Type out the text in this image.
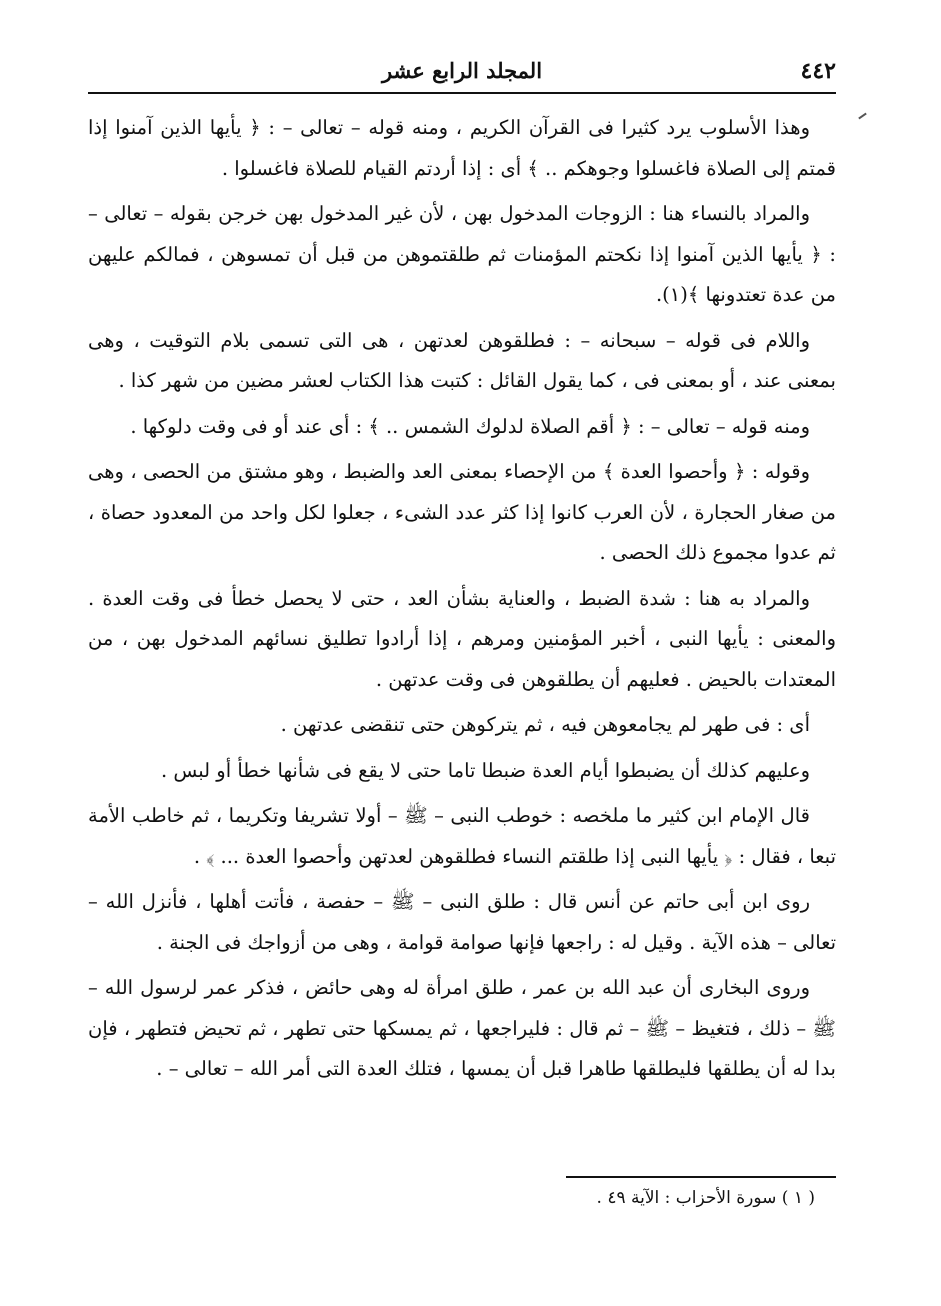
٤٤٢
المجلد الرابع عشر

وهذا الأسلوب يرد كثيرا فى القرآن الكريم ، ومنه قوله – تعالى – : ﴿ يأيها الذين آمنوا إذا قمتم إلى الصلاة فاغسلوا وجوهكم .. ﴾ أى : إذا أردتم القيام للصلاة فاغسلوا .

والمراد بالنساء هنا : الزوجات المدخول بهن ، لأن غير المدخول بهن خرجن بقوله – تعالى – : ﴿ يأيها الذين آمنوا إذا نكحتم المؤمنات ثم طلقتموهن من قبل أن تمسوهن ، فمالكم عليهن من عدة تعتدونها ﴾(١).

واللام فى قوله – سبحانه – : فطلقوهن لعدتهن ، هى التى تسمى بلام التوقيت ، وهى بمعنى عند ، أو بمعنى فى ، كما يقول القائل : كتبت هذا الكتاب لعشر مضين من شهر كذا .

ومنه قوله – تعالى – : ﴿ أقم الصلاة لدلوك الشمس .. ﴾ : أى عند أو فى وقت دلوكها .

وقوله : ﴿ وأحصوا العدة ﴾ من الإحصاء بمعنى العد والضبط ، وهو مشتق من الحصى ، وهى من صغار الحجارة ، لأن العرب كانوا إذا كثر عدد الشىء ، جعلوا لكل واحد من المعدود حصاة ، ثم عدوا مجموع ذلك الحصى .

والمراد به هنا : شدة الضبط ، والعناية بشأن العد ، حتى لا يحصل خطأ فى وقت العدة . والمعنى : يأيها النبى ، أخبر المؤمنين ومرهم ، إذا أرادوا تطليق نسائهم المدخول بهن ، من المعتدات بالحيض . فعليهم أن يطلقوهن فى وقت عدتهن .

أى : فى طهر لم يجامعوهن فيه ، ثم يتركوهن حتى تنقضى عدتهن .

وعليهم كذلك أن يضبطوا أيام العدة ضبطا تاما حتى لا يقع فى شأنها خطأ أو لبس .

قال الإمام ابن كثير ما ملخصه : خوطب النبى – ﷺ – أولا تشريفا وتكريما ، ثم خاطب الأمة تبعا ، فقال : ﴿ يأيها النبى إذا طلقتم النساء فطلقوهن لعدتهن وأحصوا العدة ... ﴾ .

روى ابن أبى حاتم عن أنس قال : طلق النبى – ﷺ – حفصة ، فأتت أهلها ، فأنزل الله – تعالى – هذه الآية . وقيل له : راجعها فإنها صوامة قوامة ، وهى من أزواجك فى الجنة .

وروى البخارى أن عبد الله بن عمر ، طلق امرأة له وهى حائض ، فذكر عمر لرسول الله – ﷺ – ذلك ، فتغيظ – ﷺ – ثم قال : فليراجعها ، ثم يمسكها حتى تطهر ، ثم تحيض فتطهر ، فإن بدا له أن يطلقها فليطلقها طاهرا قبل أن يمسها ، فتلك العدة التى أمر الله – تعالى – .

( ١ ) سورة الأحزاب : الآية ٤٩ .
